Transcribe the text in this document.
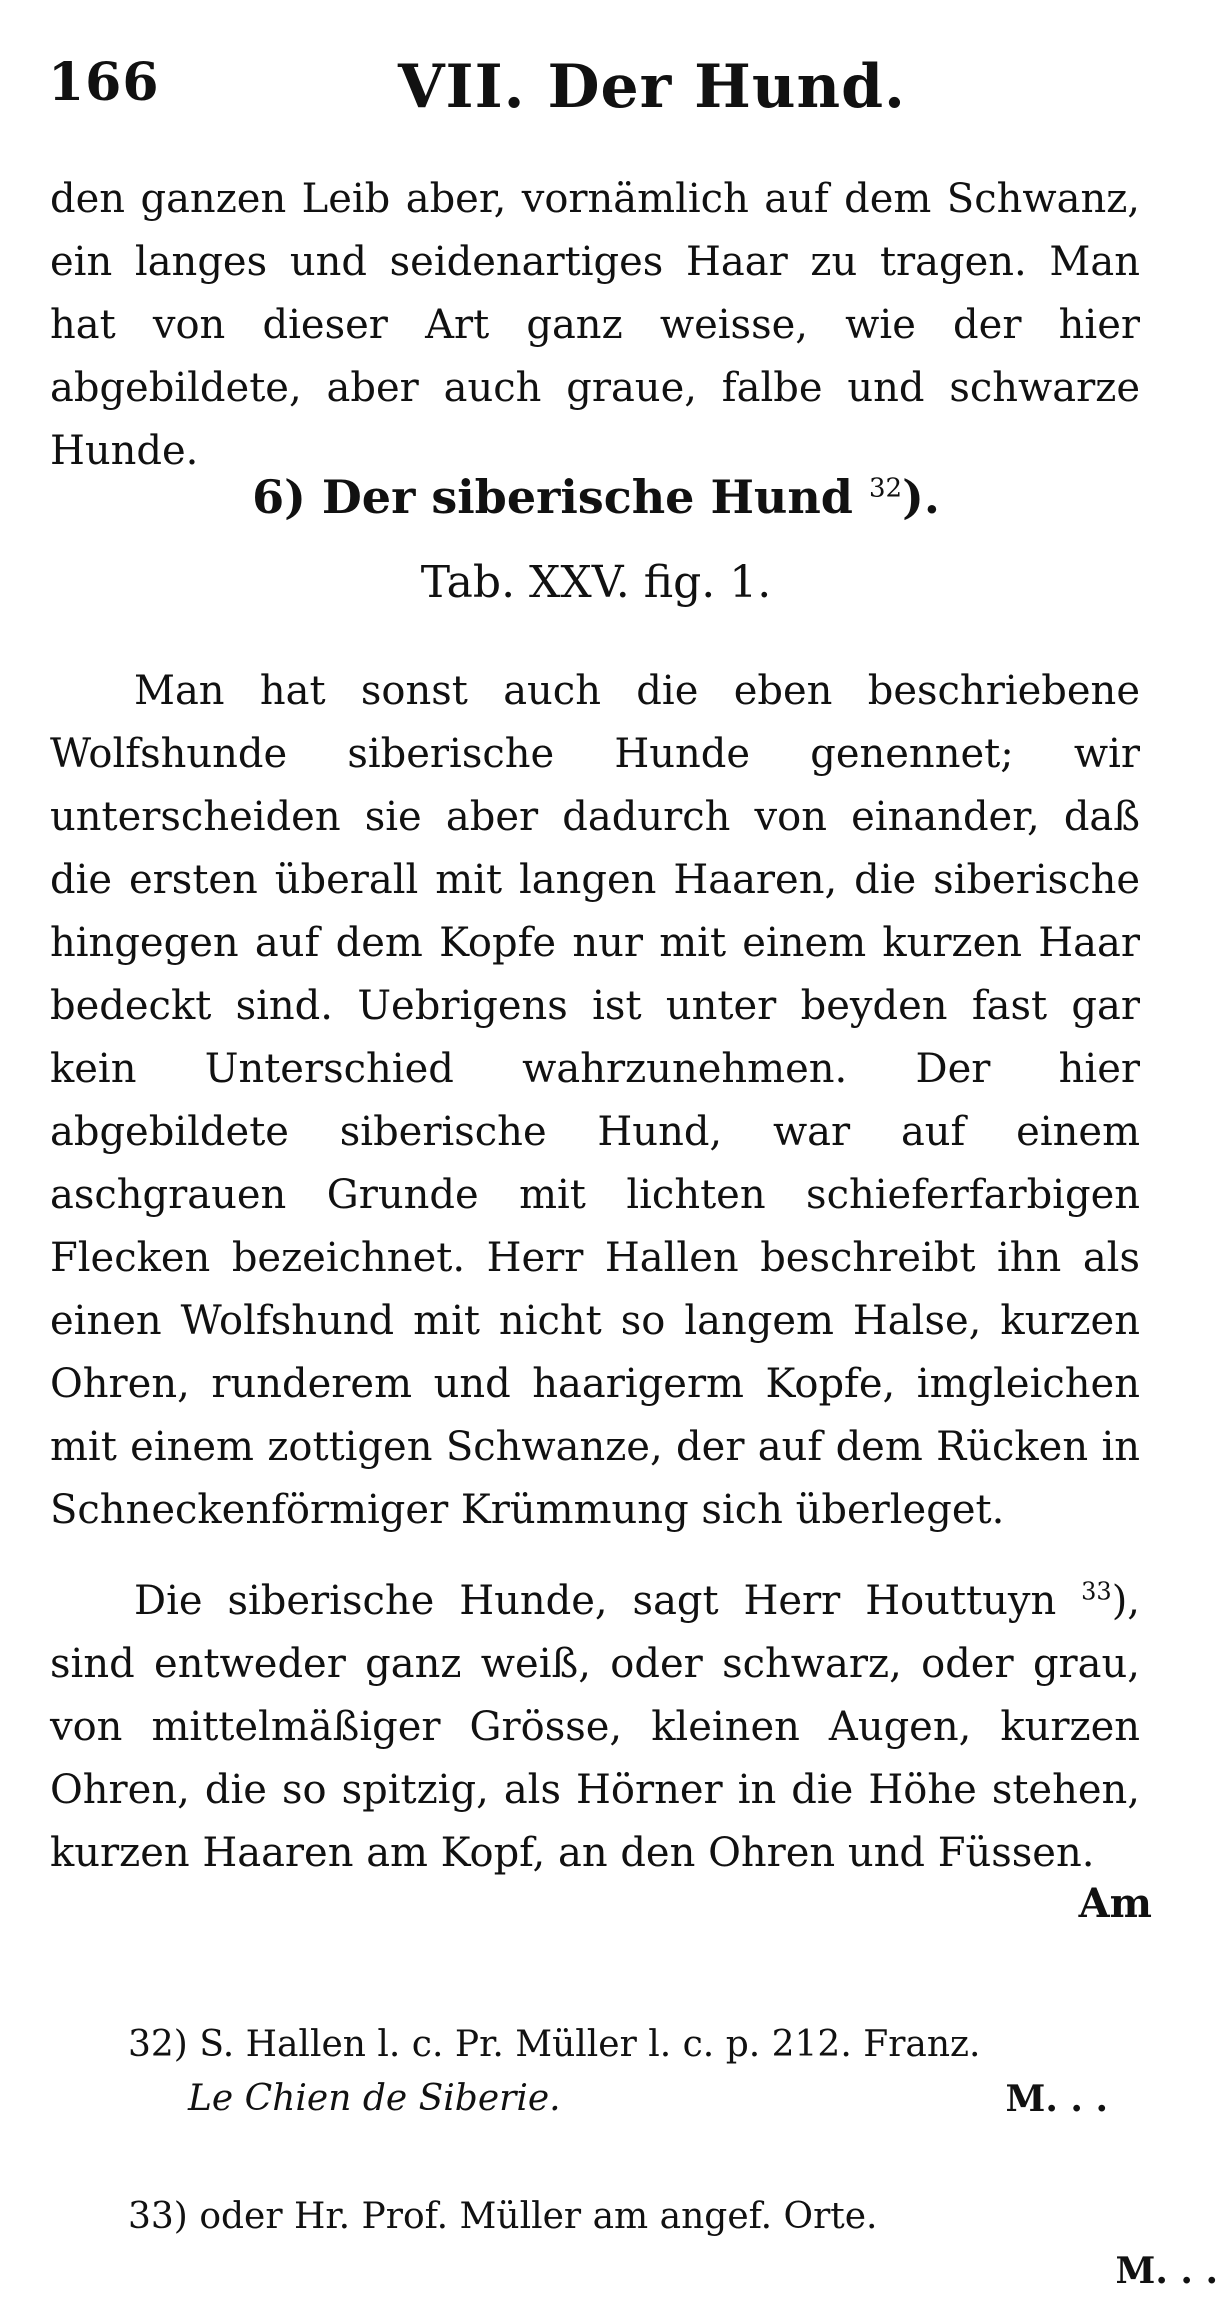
166	VII. Der Hund.

den ganzen Leib aber, vornämlich auf dem Schwanz, ein langes und seidenartiges Haar zu tragen. Man hat von dieser Art ganz weisse, wie der hier abgebildete, aber auch graue, falbe und schwarze Hunde.

6) Der siberische Hund $^{32}$).
Tab. XXV. fig. 1.

Man hat sonst auch die eben beschriebene Wolfshunde siberische Hunde genennet; wir unterscheiden sie aber dadurch von einander, daß die ersten überall mit langen Haaren, die siberische hingegen auf dem Kopfe nur mit einem kurzen Haar bedeckt sind. Uebrigens ist unter beyden fast gar kein Unterschied wahrzunehmen. Der hier abgebildete siberische Hund, war auf einem aschgrauen Grunde mit lichten schieferfarbigen Flecken bezeichnet. Herr Hallen beschreibt ihn als einen Wolfshund mit nicht so langem Halse, kurzen Ohren, runderem und haarigerm Kopfe, imgleichen mit einem zottigen Schwanze, der auf dem Rücken in Schneckenförmiger Krümmung sich überleget.

Die siberische Hunde, sagt Herr Houttuyn $^{33}$), sind entweder ganz weiß, oder schwarz, oder grau, von mittelmäßiger Grösse, kleinen Augen, kurzen Ohren, die so spitzig, als Hörner in die Höhe stehen, kurzen Haaren am Kopf, an den Ohren und Füssen.

Am
32) S. Hallen l. c. Pr. Müller l. c. p. 212. Franz.
Le Chien de Siberie.	M. . .
33) oder Hr. Prof. Müller am angef. Orte.
M. . .
